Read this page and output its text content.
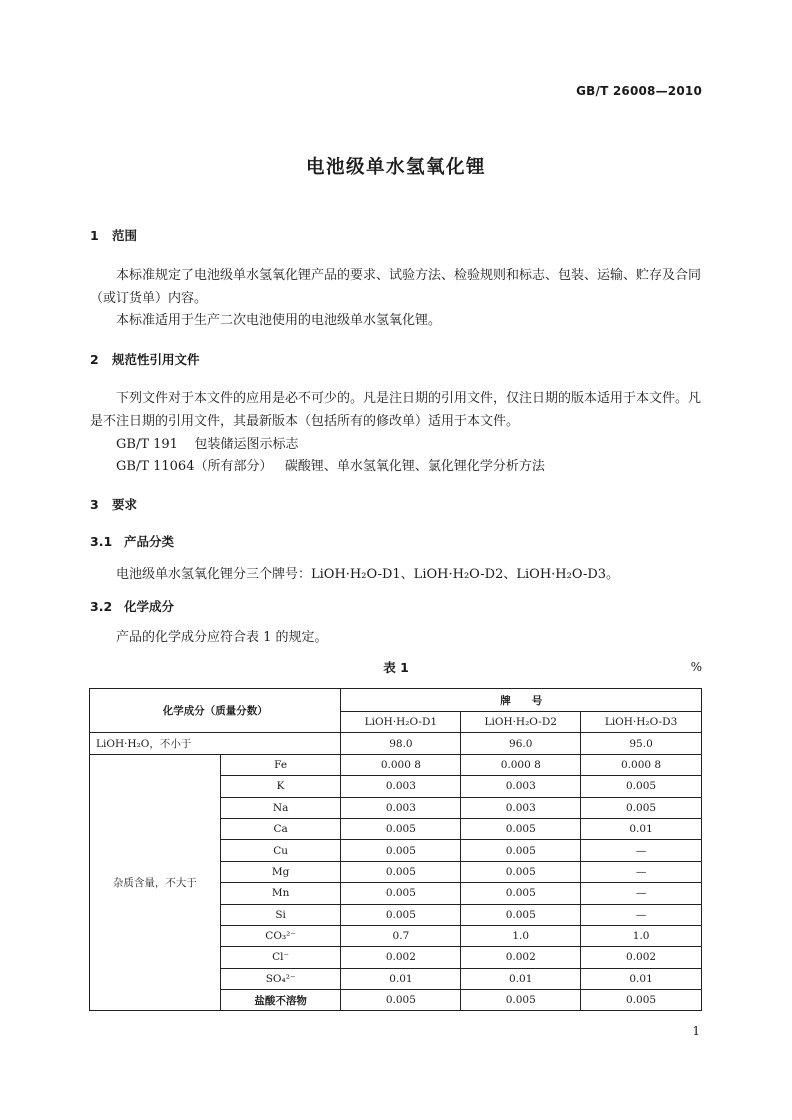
GB/T 26008—2010
电池级单水氢氧化锂
1 范围
本标准规定了电池级单水氢氧化锂产品的要求、试验方法、检验规则和标志、包装、运输、贮存及合同（或订货单）内容。
本标准适用于生产二次电池使用的电池级单水氢氧化锂。
2 规范性引用文件
下列文件对于本文件的应用是必不可少的。凡是注日期的引用文件，仅注日期的版本适用于本文件。凡是不注日期的引用文件，其最新版本（包括所有的修改单）适用于本文件。
GB/T 191    包装储运图示标志
GB/T 11064（所有部分）   碳酸锂、单水氢氧化锂、氯化锂化学分析方法
3 要求
3.1 产品分类
电池级单水氢氧化锂分三个牌号：LiOH·H₂O-D1、LiOH·H₂O-D2、LiOH·H₂O-D3。
3.2 化学成分
产品的化学成分应符合表 1 的规定。
表 1	%
化学成分（质量分数）		牌　　号		
		LiOH·H₂O-D1	LiOH·H₂O-D2	LiOH·H₂O-D3
LiOH·H₂O，不小于		98.0	96.0	95.0
杂质含量，不大于	Fe	0.000 8	0.000 8	0.000 8
	K	0.003	0.003	0.005
	Na	0.003	0.003	0.005
	Ca	0.005	0.005	0.01
	Cu	0.005	0.005	—
	Mg	0.005	0.005	—
	Mn	0.005	0.005	—
	Si	0.005	0.005	—
	CO₃²⁻	0.7	1.0	1.0
	Cl⁻	0.002	0.002	0.002
	SO₄²⁻	0.01	0.01	0.01
	盐酸不溶物	0.005	0.005	0.005
1
